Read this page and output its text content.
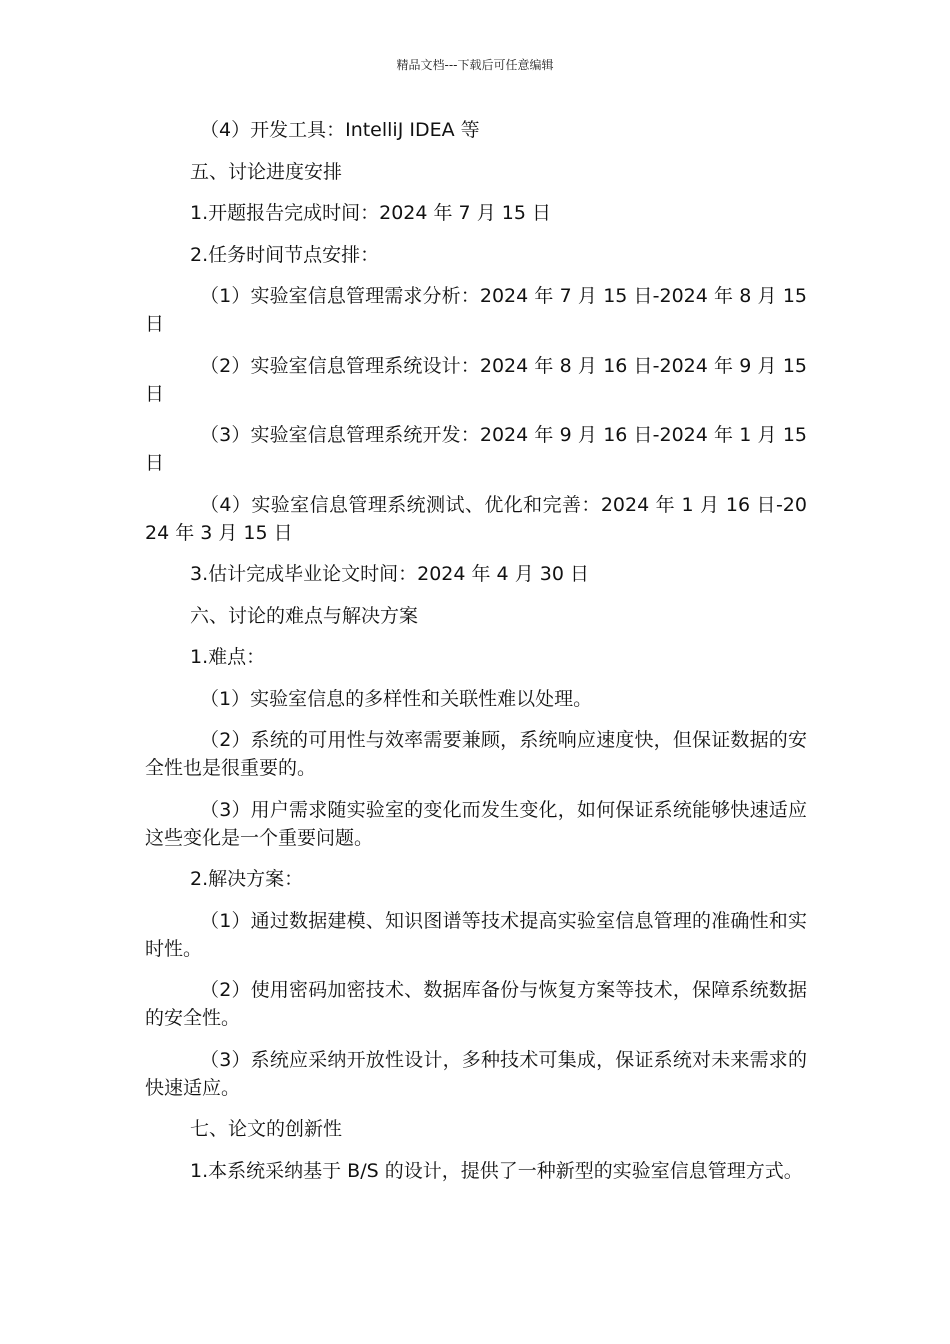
精品文档---下载后可任意编辑

（4）开发工具：IntelliJ IDEA 等

五、讨论进度安排

1.开题报告完成时间：2024 年 7 月 15 日

2.任务时间节点安排：

（1）实验室信息管理需求分析：2024 年 7 月 15 日-2024 年 8 月 15 日

（2）实验室信息管理系统设计：2024 年 8 月 16 日-2024 年 9 月 15 日

（3）实验室信息管理系统开发：2024 年 9 月 16 日-2024 年 1 月 15 日

（4）实验室信息管理系统测试、优化和完善：2024 年 1 月 16 日-2024 年 3 月 15 日

3.估计完成毕业论文时间：2024 年 4 月 30 日

六、讨论的难点与解决方案

1.难点：

（1）实验室信息的多样性和关联性难以处理。

（2）系统的可用性与效率需要兼顾，系统响应速度快，但保证数据的安全性也是很重要的。

（3）用户需求随实验室的变化而发生变化，如何保证系统能够快速适应这些变化是一个重要问题。

2.解决方案：

（1）通过数据建模、知识图谱等技术提高实验室信息管理的准确性和实时性。

（2）使用密码加密技术、数据库备份与恢复方案等技术，保障系统数据的安全性。

（3）系统应采纳开放性设计，多种技术可集成，保证系统对未来需求的快速适应。

七、论文的创新性

1.本系统采纳基于 B/S 的设计，提供了一种新型的实验室信息管理方式。
